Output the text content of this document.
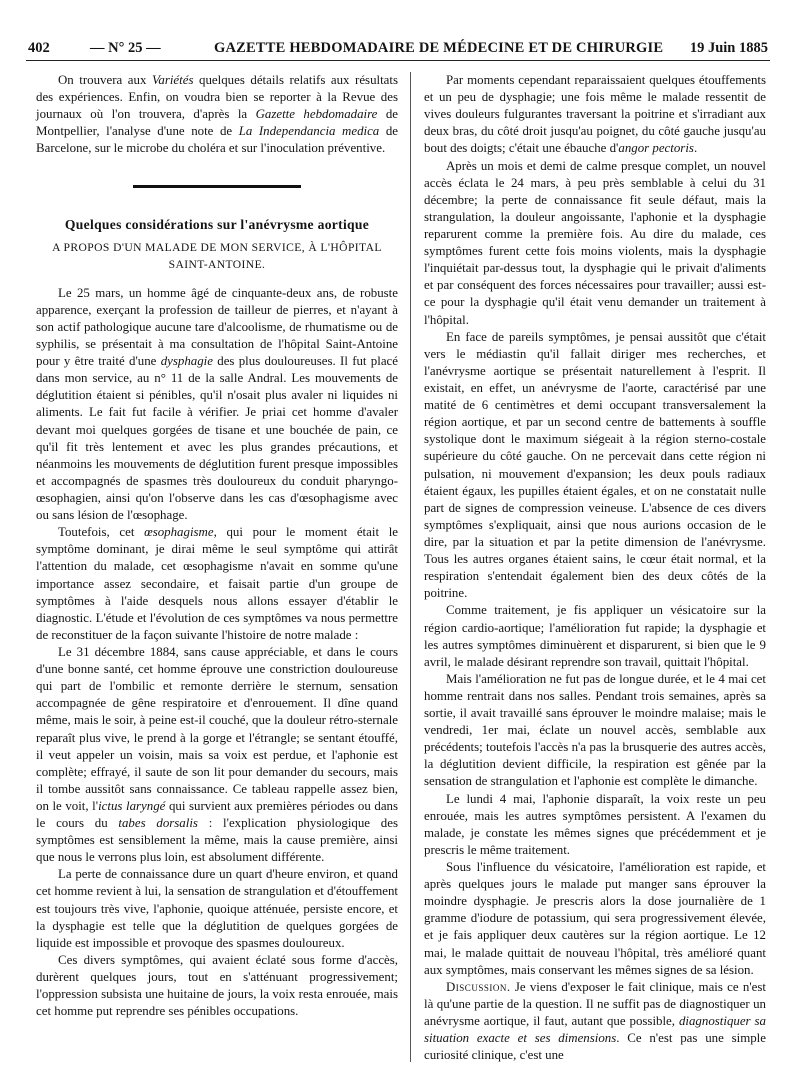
402	— N° 25 —	GAZETTE HEBDOMADAIRE DE MÉDECINE ET DE CHIRURGIE 19 Juin 1885

On trouvera aux Variétés quelques détails relatifs aux résultats des expériences. Enfin, on voudra bien se reporter à la Revue des journaux où l'on trouvera, d'après la Gazette hebdomadaire de Montpellier, l'analyse d'une note de La Independancia medica de Barcelone, sur le microbe du choléra et sur l'inoculation préventive.

Quelques considérations sur l'anévrysme aortique
A PROPOS D'UN MALADE DE MON SERVICE, À L'HÔPITAL SAINT-ANTOINE.

Le 25 mars, un homme âgé de cinquante-deux ans, de robuste apparence, exerçant la profession de tailleur de pierres, et n'ayant à son actif pathologique aucune tare d'alcoolisme, de rhumatisme ou de syphilis, se présentait à ma consultation de l'hôpital Saint-Antoine pour y être traité d'une dysphagie des plus douloureuses. Il fut placé dans mon service, au n° 11 de la salle Andral. Les mouvements de déglutition étaient si pénibles, qu'il n'osait plus avaler ni liquides ni aliments. Le fait fut facile à vérifier. Je priai cet homme d'avaler devant moi quelques gorgées de tisane et une bouchée de pain, ce qu'il fit très lentement et avec les plus grandes précautions, et néanmoins les mouvements de déglutition furent presque impossibles et accompagnés de spasmes très douloureux du conduit pharyngo-œsophagien, ainsi qu'on l'observe dans les cas d'œsophagisme avec ou sans lésion de l'œsophage.

Toutefois, cet œsophagisme, qui pour le moment était le symptôme dominant, je dirai même le seul symptôme qui attirât l'attention du malade, cet œsophagisme n'avait en somme qu'une importance assez secondaire, et faisait partie d'un groupe de symptômes à l'aide desquels nous allons essayer d'établir le diagnostic. L'étude et l'évolution de ces symptômes va nous permettre de reconstituer de la façon suivante l'histoire de notre malade :

Le 31 décembre 1884, sans cause appréciable, et dans le cours d'une bonne santé, cet homme éprouve une constriction douloureuse qui part de l'ombilic et remonte derrière le sternum, sensation accompagnée de gêne respiratoire et d'enrouement. Il dîne quand même, mais le soir, à peine est-il couché, que la douleur rétro-sternale reparaît plus vive, le prend à la gorge et l'étrangle; se sentant étouffé, il veut appeler un voisin, mais sa voix est perdue, et l'aphonie est complète; effrayé, il saute de son lit pour demander du secours, mais il tombe aussitôt sans connaissance. Ce tableau rappelle assez bien, on le voit, l'ictus laryngé qui survient aux premières périodes ou dans le cours du tabes dorsalis : l'explication physiologique des symptômes est sensiblement la même, mais la cause première, ainsi que nous le verrons plus loin, est absolument différente.

La perte de connaissance dure un quart d'heure environ, et quand cet homme revient à lui, la sensation de strangulation et d'étouffement est toujours très vive, l'aphonie, quoique atténuée, persiste encore, et la dysphagie est telle que la déglutition de quelques gorgées de liquide est impossible et provoque des spasmes douloureux.

Ces divers symptômes, qui avaient éclaté sous forme d'accès, durèrent quelques jours, tout en s'atténuant progressivement; l'oppression subsista une huitaine de jours, la voix resta enrouée, mais cet homme put reprendre ses pénibles occupations.

Par moments cependant reparaissaient quelques étouffements et un peu de dysphagie; une fois même le malade ressentit de vives douleurs fulgurantes traversant la poitrine et s'irradiant aux deux bras, du côté droit jusqu'au poignet, du côté gauche jusqu'au bout des doigts; c'était une ébauche d'angor pectoris.

Après un mois et demi de calme presque complet, un nouvel accès éclata le 24 mars, à peu près semblable à celui du 31 décembre; la perte de connaissance fit seule défaut, mais la strangulation, la douleur angoissante, l'aphonie et la dysphagie reparurent comme la première fois. Au dire du malade, ces symptômes furent cette fois moins violents, mais la dysphagie l'inquiétait par-dessus tout, la dysphagie qui le privait d'aliments et par conséquent des forces nécessaires pour travailler; aussi est-ce pour la dysphagie qu'il était venu demander un traitement à l'hôpital.

En face de pareils symptômes, je pensai aussitôt que c'était vers le médiastin qu'il fallait diriger mes recherches, et l'anévrysme aortique se présentait naturellement à l'esprit. Il existait, en effet, un anévrysme de l'aorte, caractérisé par une matité de 6 centimètres et demi occupant transversalement la région aortique, et par un second centre de battements à souffle systolique dont le maximum siégeait à la région sterno-costale supérieure du côté gauche. On ne percevait dans cette région ni pulsation, ni mouvement d'expansion; les deux pouls radiaux étaient égaux, les pupilles étaient égales, et on ne constatait nulle part de signes de compression veineuse. L'absence de ces divers symptômes s'expliquait, ainsi que nous aurions occasion de le dire, par la situation et par la petite dimension de l'anévrysme. Tous les autres organes étaient sains, le cœur était normal, et la respiration s'entendait également bien des deux côtés de la poitrine.

Comme traitement, je fis appliquer un vésicatoire sur la région cardio-aortique; l'amélioration fut rapide; la dysphagie et les autres symptômes diminuèrent et disparurent, si bien que le 9 avril, le malade désirant reprendre son travail, quittait l'hôpital.

Mais l'amélioration ne fut pas de longue durée, et le 4 mai cet homme rentrait dans nos salles. Pendant trois semaines, après sa sortie, il avait travaillé sans éprouver le moindre malaise; mais le vendredi, 1er mai, éclate un nouvel accès, semblable aux précédents; toutefois l'accès n'a pas la brusquerie des autres accès, la déglutition devient difficile, la respiration est gênée par la sensation de strangulation et l'aphonie est complète le dimanche.

Le lundi 4 mai, l'aphonie disparaît, la voix reste un peu enrouée, mais les autres symptômes persistent. A l'examen du malade, je constate les mêmes signes que précédemment et je prescris le même traitement.

Sous l'influence du vésicatoire, l'amélioration est rapide, et après quelques jours le malade put manger sans éprouver la moindre dysphagie. Je prescris alors la dose journalière de 1 gramme d'iodure de potassium, qui sera progressivement élevée, et je fais appliquer deux cautères sur la région aortique. Le 12 mai, le malade quittait de nouveau l'hôpital, très amélioré quant aux symptômes, mais conservant les mêmes signes de sa lésion.

Discussion. Je viens d'exposer le fait clinique, mais ce n'est là qu'une partie de la question. Il ne suffit pas de diagnostiquer un anévrysme aortique, il faut, autant que possible, diagnostiquer sa situation exacte et ses dimensions. Ce n'est pas une simple curiosité clinique, c'est une
